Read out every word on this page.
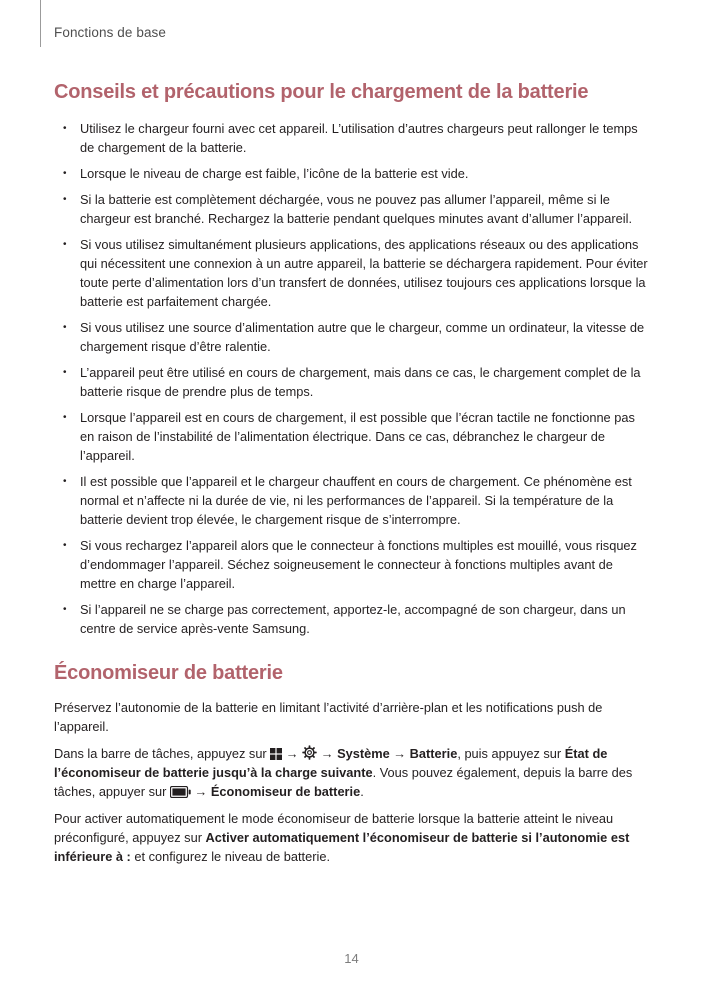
Fonctions de base
Conseils et précautions pour le chargement de la batterie
• Utilisez le chargeur fourni avec cet appareil. L’utilisation d’autres chargeurs peut rallonger le temps de chargement de la batterie.
• Lorsque le niveau de charge est faible, l’icône de la batterie est vide.
• Si la batterie est complètement déchargée, vous ne pouvez pas allumer l’appareil, même si le chargeur est branché. Rechargez la batterie pendant quelques minutes avant d’allumer l’appareil.
• Si vous utilisez simultanément plusieurs applications, des applications réseaux ou des applications qui nécessitent une connexion à un autre appareil, la batterie se déchargera rapidement. Pour éviter toute perte d’alimentation lors d’un transfert de données, utilisez toujours ces applications lorsque la batterie est parfaitement chargée.
• Si vous utilisez une source d’alimentation autre que le chargeur, comme un ordinateur, la vitesse de chargement risque d’être ralentie.
• L’appareil peut être utilisé en cours de chargement, mais dans ce cas, le chargement complet de la batterie risque de prendre plus de temps.
• Lorsque l’appareil est en cours de chargement, il est possible que l’écran tactile ne fonctionne pas en raison de l’instabilité de l’alimentation électrique. Dans ce cas, débranchez le chargeur de l’appareil.
• Il est possible que l’appareil et le chargeur chauffent en cours de chargement. Ce phénomène est normal et n’affecte ni la durée de vie, ni les performances de l’appareil. Si la température de la batterie devient trop élevée, le chargement risque de s’interrompre.
• Si vous rechargez l’appareil alors que le connecteur à fonctions multiples est mouillé, vous risquez d’endommager l’appareil. Séchez soigneusement le connecteur à fonctions multiples avant de mettre en charge l’appareil.
• Si l’appareil ne se charge pas correctement, apportez-le, accompagné de son chargeur, dans un centre de service après-vente Samsung.
Économiseur de batterie

Préservez l’autonomie de la batterie en limitant l’activité d’arrière-plan et les notifications push de l’appareil.

Dans la barre de tâches, appuyez sur  →  → Système → Batterie, puis appuyez sur État de l’économiseur de batterie jusqu’à la charge suivante. Vous pouvez également, depuis la barre des tâches, appuyer sur  → Économiseur de batterie.

Pour activer automatiquement le mode économiseur de batterie lorsque la batterie atteint le niveau préconfiguré, appuyez sur Activer automatiquement l’économiseur de batterie si l’autonomie est inférieure à : et configurez le niveau de batterie.

14
